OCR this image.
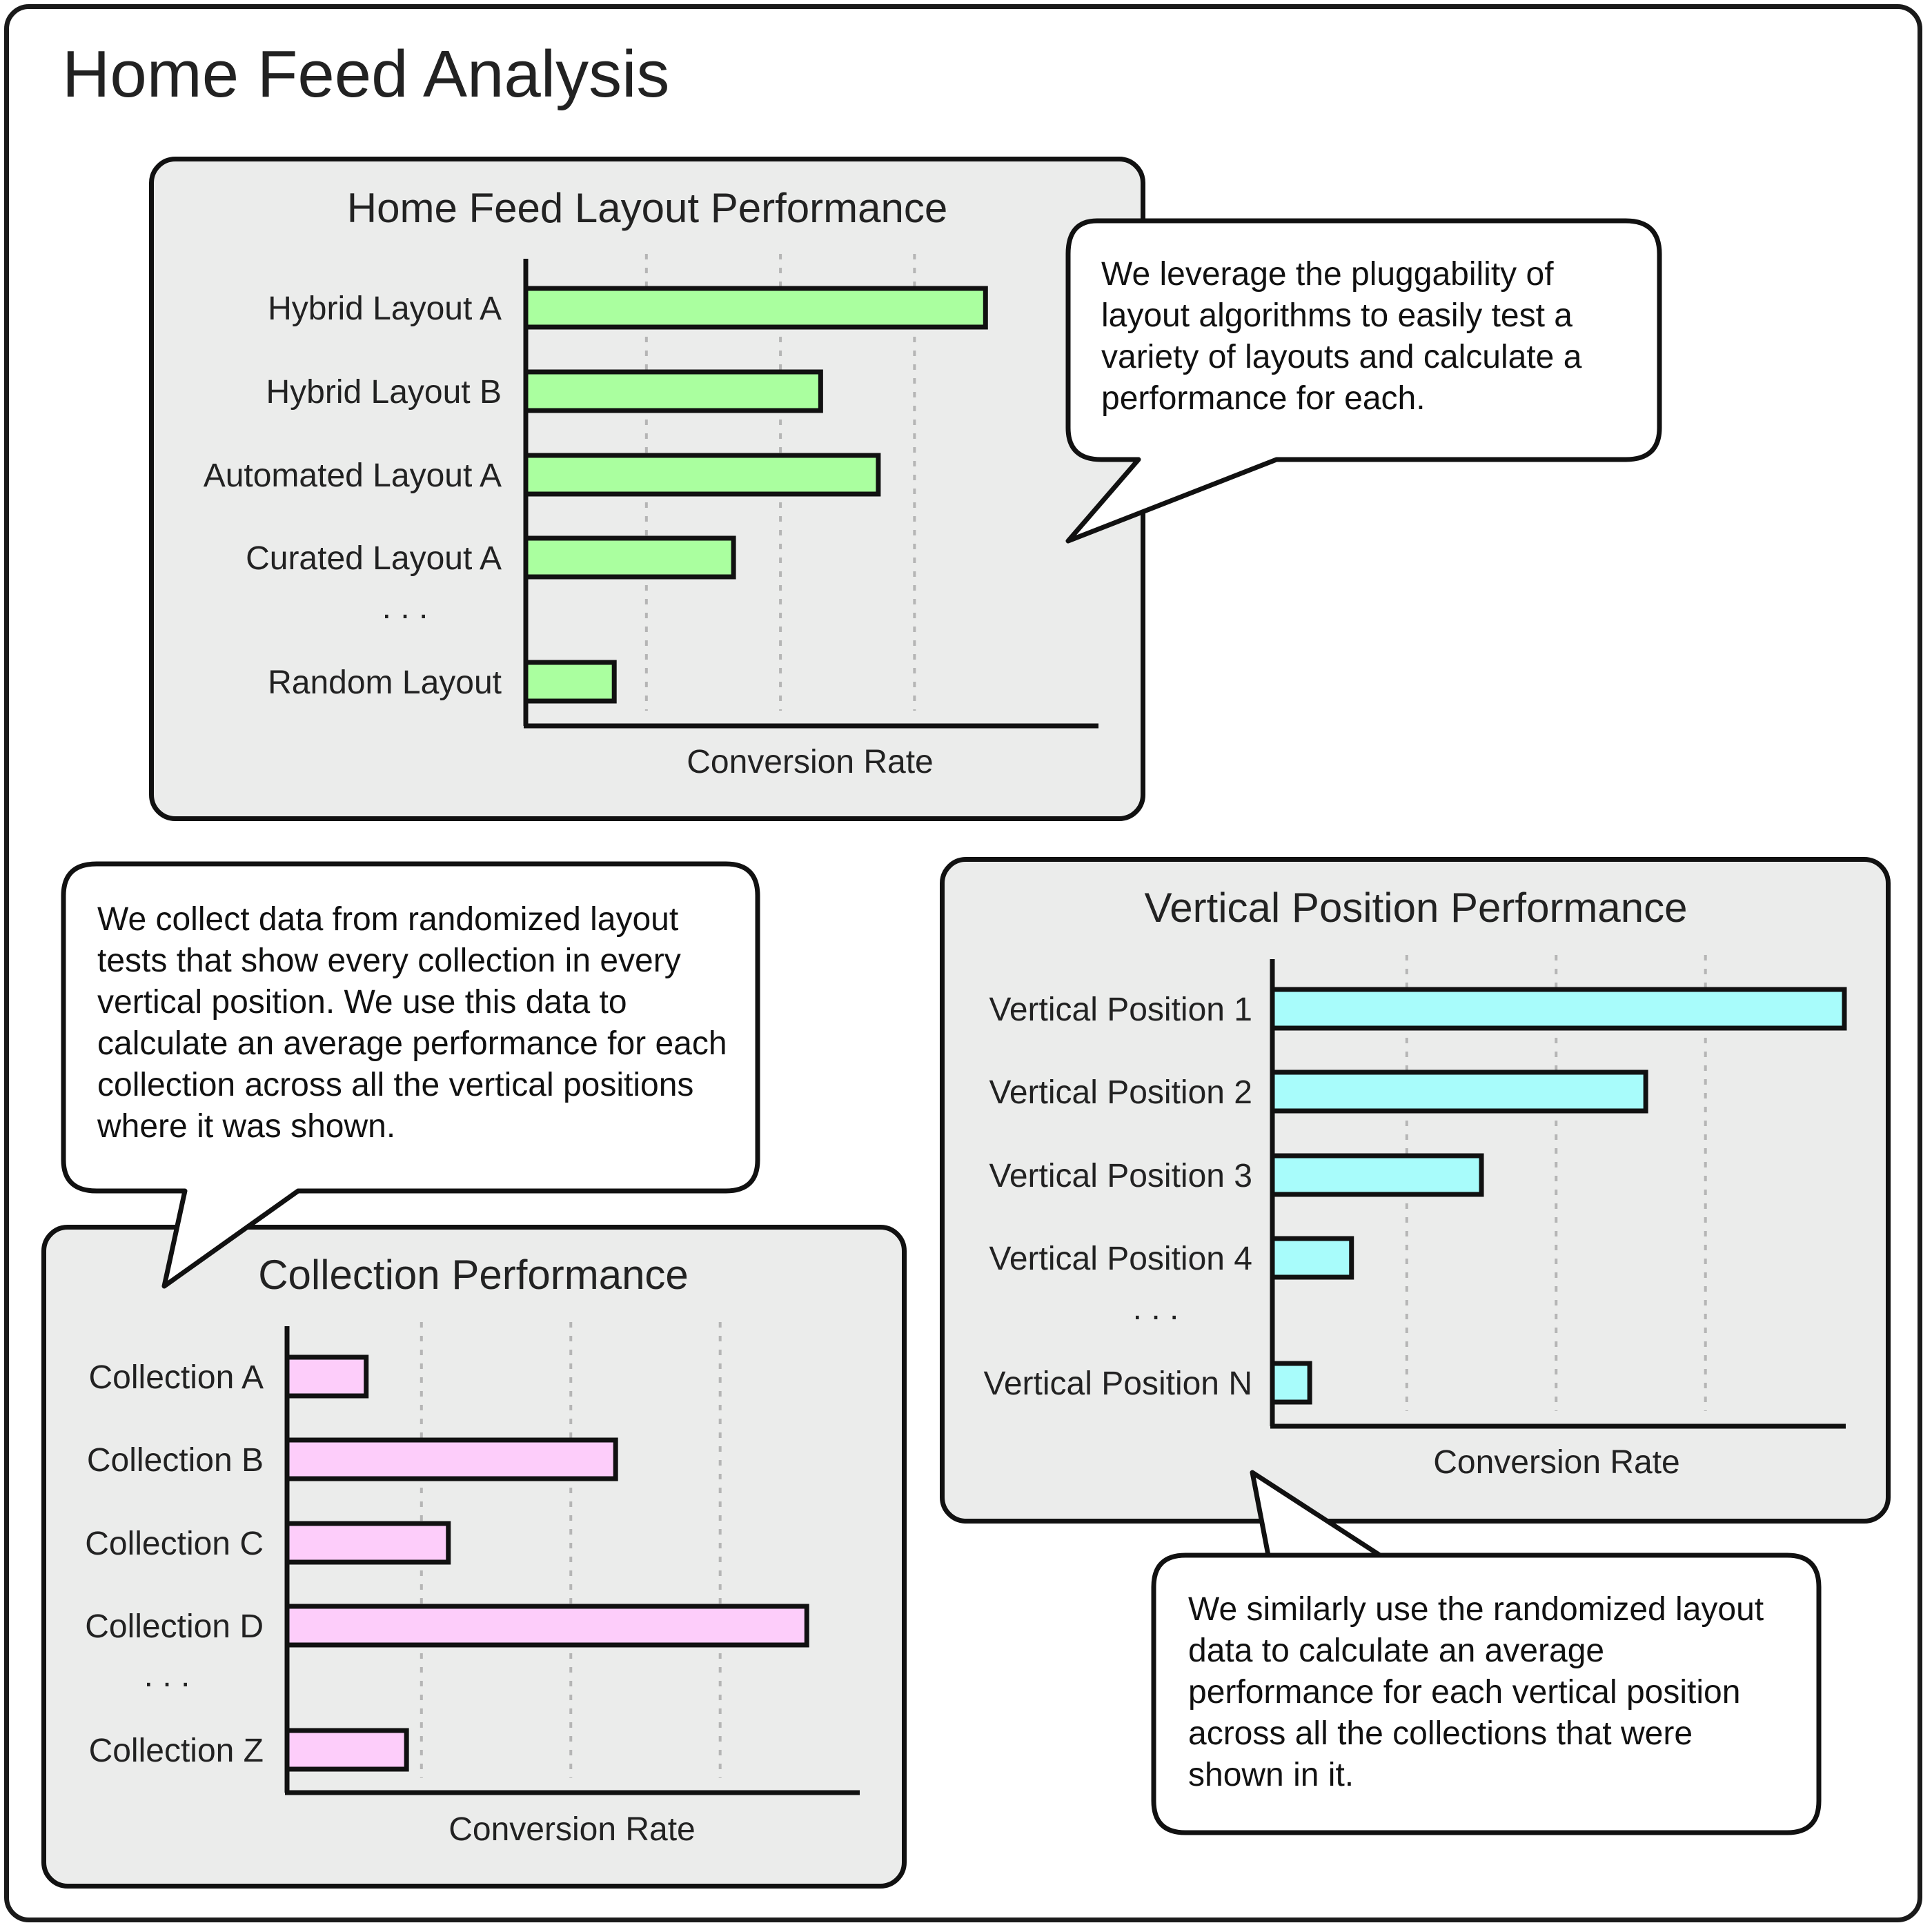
Home Feed Analysis
Home Feed Layout Performance
Hybrid Layout A
Hybrid Layout B
Automated Layout A
Curated Layout A
. . .
Random Layout
Conversion Rate
Vertical Position Performance
Vertical Position 1
Vertical Position 2
Vertical Position 3
Vertical Position 4
. . .
Vertical Position N
Conversion Rate
Collection Performance
Collection A
Collection B
Collection C
Collection D
. . .
Collection Z
Conversion Rate
We leverage the pluggability of layout algorithms to easily test a variety of layouts and calculate a performance for each.
We collect data from randomized layout tests that show every collection in every vertical position. We use this data to calculate an average performance for each collection across all the vertical positions where it was shown.
We similarly use the randomized layout data to calculate an average performance for each vertical position across all the collections that were shown in it.
